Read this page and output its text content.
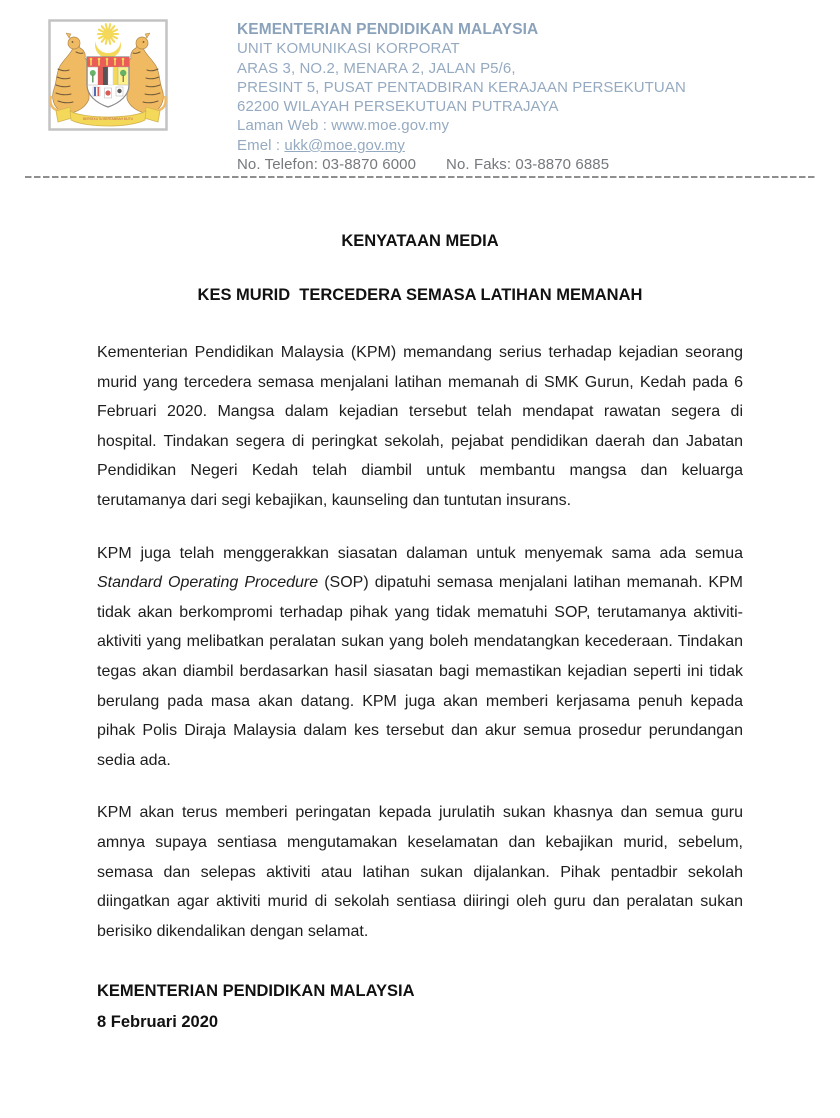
BERSEKUTU BERTAMBAH MUTU
KEMENTERIAN PENDIDIKAN MALAYSIA
UNIT KOMUNIKASI KORPORAT
ARAS 3, NO.2, MENARA 2, JALAN P5/6,
PRESINT 5, PUSAT PENTADBIRAN KERAJAAN PERSEKUTUAN
62200 WILAYAH PERSEKUTUAN PUTRAJAYA
Laman Web : www.moe.gov.my
Emel : ukk@moe.gov.my
No. Telefon: 03-8870 6000 No. Faks: 03-8870 6885
KENYATAAN MEDIA
KES MURID  TERCEDERA SEMASA LATIHAN MEMANAH

Kementerian Pendidikan Malaysia (KPM) memandang serius terhadap kejadian seorang murid yang tercedera semasa menjalani latihan memanah di SMK Gurun, Kedah pada 6 Februari 2020. Mangsa dalam kejadian tersebut telah mendapat rawatan segera di hospital. Tindakan segera di peringkat sekolah, pejabat pendidikan daerah dan Jabatan Pendidikan Negeri Kedah telah diambil untuk membantu mangsa dan keluarga terutamanya dari segi kebajikan, kaunseling dan tuntutan insurans.

KPM juga telah menggerakkan siasatan dalaman untuk menyemak sama ada semua Standard Operating Procedure (SOP) dipatuhi semasa menjalani latihan memanah. KPM tidak akan berkompromi terhadap pihak yang tidak mematuhi SOP, terutamanya aktiviti-aktiviti yang melibatkan peralatan sukan yang boleh mendatangkan kecederaan. Tindakan tegas akan diambil berdasarkan hasil siasatan bagi memastikan kejadian seperti ini tidak berulang pada masa akan datang. KPM juga akan memberi kerjasama penuh kepada pihak Polis Diraja Malaysia dalam kes tersebut dan akur semua prosedur perundangan sedia ada.

KPM akan terus memberi peringatan kepada jurulatih sukan khasnya dan semua guru amnya supaya sentiasa mengutamakan keselamatan dan kebajikan murid, sebelum, semasa dan selepas aktiviti atau latihan sukan dijalankan. Pihak pentadbir sekolah diingatkan agar aktiviti murid di sekolah sentiasa diiringi oleh guru dan peralatan sukan berisiko dikendalikan dengan selamat.

KEMENTERIAN PENDIDIKAN MALAYSIA
8 Februari 2020
